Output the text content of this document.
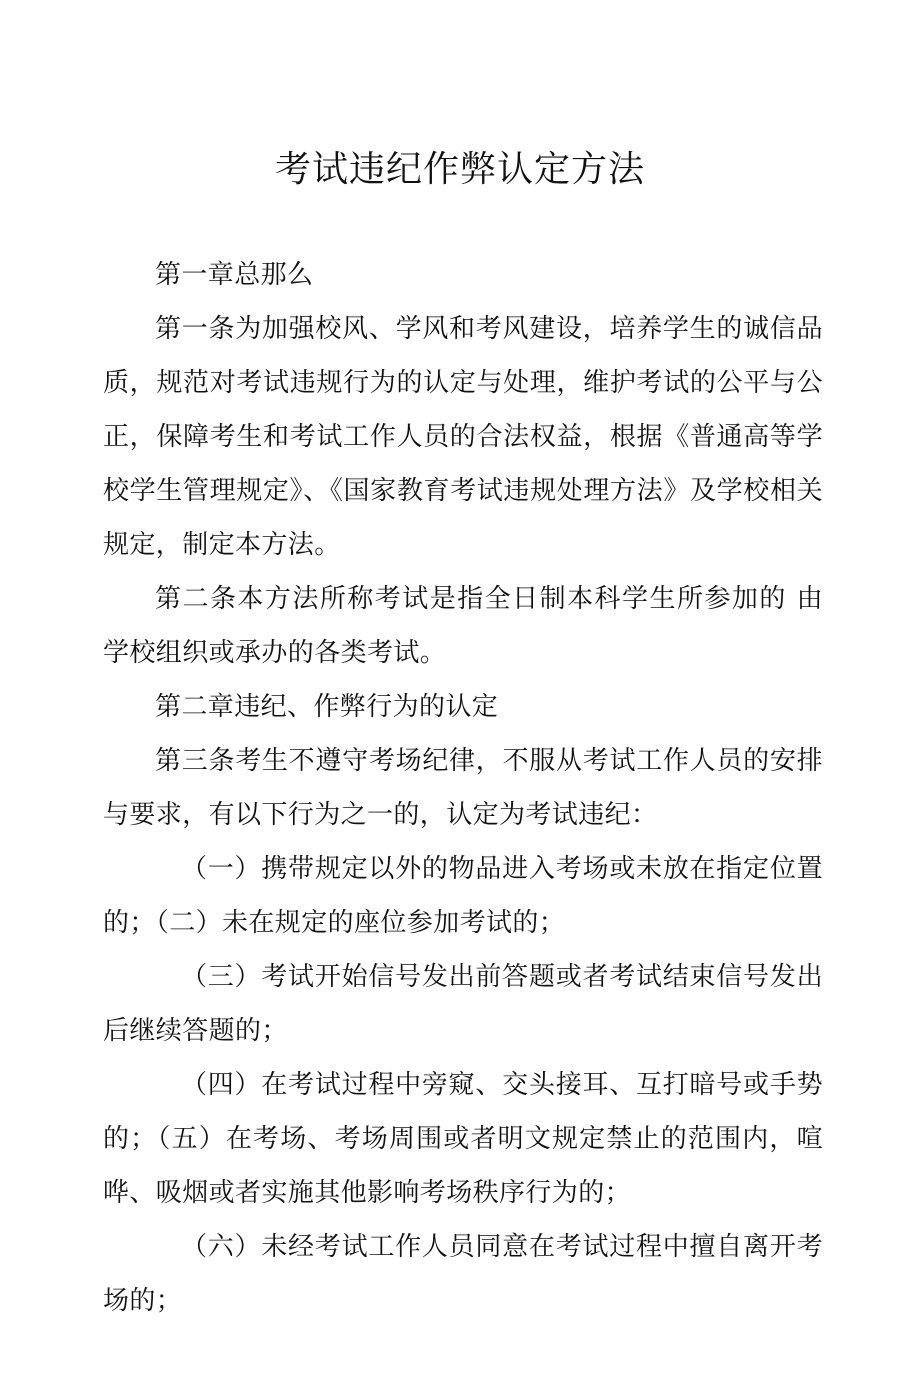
考试违纪作弊认定方法

第一章总那么

第一条为加强校风、学风和考风建设，培养学生的诚信品质，规范对考试违规行为的认定与处理，维护考试的公平与公正，保障考生和考试工作人员的合法权益，根据《普通高等学校学生管理规定》、《国家教育考试违规处理方法》及学校相关规定，制定本方法。

第二条本方法所称考试是指全日制本科学生所参加的 由学校组织或承办的各类考试。

第二章违纪、作弊行为的认定

第三条考生不遵守考场纪律，不服从考试工作人员的安排与要求，有以下行为之一的，认定为考试违纪：

（一）携带规定以外的物品进入考场或未放在指定位置的；（二）未在规定的座位参加考试的；

（三）考试开始信号发出前答题或者考试结束信号发出后继续答题的；

（四）在考试过程中旁窥、交头接耳、互打暗号或手势的；（五）在考场、考场周围或者明文规定禁止的范围内，喧哗、吸烟或者实施其他影响考场秩序行为的；

（六）未经考试工作人员同意在考试过程中擅自离开考场的；
